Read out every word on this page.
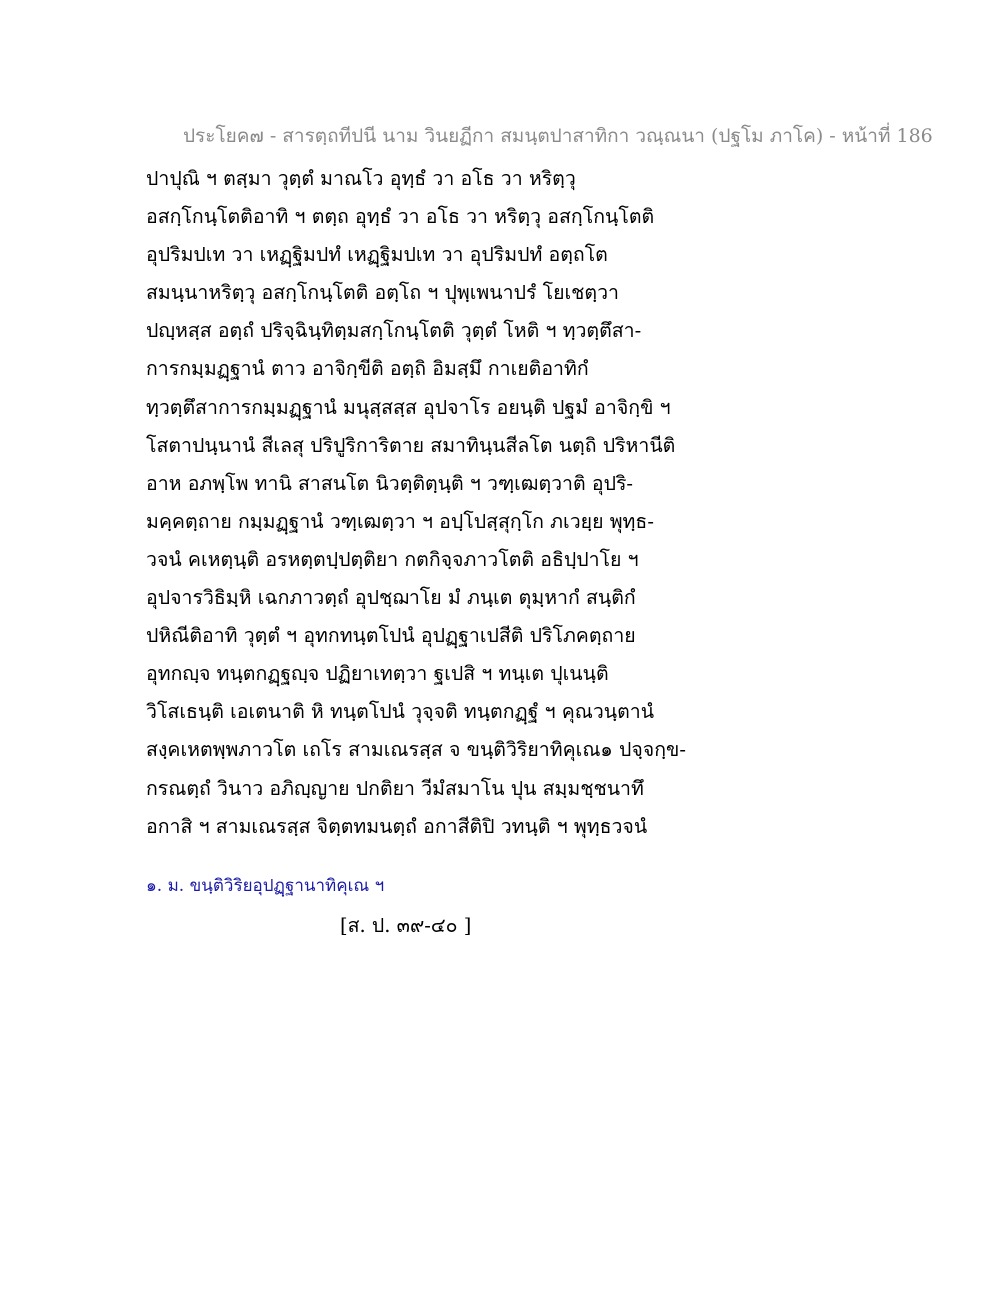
ประโยค๗ - สารตฺถทีปนี นาม วินยฏีกา สมนฺตปาสาทิกา วณฺณนา (ปฐโม ภาโค) - หน้าที่ 186
ปาปุณิ ฯ ตสฺมา วุตฺตํ มาณโว อุทฺธํ วา อโธ วา หริตฺวุ
อสกฺโกนฺโตติอาทิ ฯ ตตฺถ อุทฺธํ วา อโธ วา หริตฺวุ อสกฺโกนฺโตติ
อุปริมปเท วา เหฏฺฐิมปทํ เหฏฺฐิมปเท วา อุปริมปทํ อตฺถโต
สมนฺนาหริตฺวุ อสกฺโกนฺโตติ อตฺโถ ฯ ปุพฺเพนาปรํ โยเชตฺวา
ปญฺหสฺส อตฺถํ ปริจฺฉินฺทิตฺมสกฺโกนฺโตติ วุตฺตํ โหติ ฯ ทฺวตฺตึสา-
การกมฺมฏฺฐานํ ตาว อาจิกฺขีติ อตฺถิ อิมสฺมึ กาเยติอาทิกํ
ทฺวตฺตึสาการกมฺมฏฺฐานํ มนุสฺสสฺส อุปจาโร อยนฺติ ปฐมํ อาจิกฺขิ ฯ
โสตาปนฺนานํ สีเลสุ ปริปูริการิตาย สมาทินฺนสีลโต นตฺถิ ปริหานีติ
อาห อภพฺโพ ทานิ สาสนโต นิวตฺติตฺนฺติ ฯ วฑฺเฒตฺวาติ อุปริ-
มคฺคตฺถาย กมฺมฏฺฐานํ วฑฺเฒตฺวา ฯ อปฺโปสฺสุกฺโก ภเวยฺย พุทฺธ-
วจนํ คเหตฺนฺติ อรหตฺตปฺปตฺติยา กตกิจฺจภาวโตติ อธิปฺปาโย ฯ
อุปจารวิธิมฺหิ เฉกภาวตฺถํ อุปชฺฌาโย มํ ภนฺเต ตุมฺหากํ สนฺติกํ
ปหิณีติอาทิ วุตฺตํ ฯ อุทกทนฺตโปนํ อุปฏฺฐาเปสีติ ปริโภคตฺถาย
อุทกญฺจ ทนฺตกฏฺฐญฺจ ปฏิยาเทตฺวา ฐเปสิ ฯ ทนฺเต ปุเนนฺติ
วิโสเธนฺติ เอเตนาติ หิ ทนฺตโปนํ วุจฺจติ ทนฺตกฏฺฐํ ฯ คุณวนฺตานํ
สงฺคเหตพฺพภาวโต เถโร สามเณรสฺส จ ขนฺติวิริยาทิคุเณ๑ ปจฺจกฺข-
กรณตฺถํ วินาว อภิญฺญาย ปกติยา วีมํสมาโน ปุน สมฺมชฺชนาทึ
อกาสิ ฯ สามเณรสฺส จิตฺตทมนตฺถํ อกาสีติปิ วทนฺติ ฯ พุทฺธวจนํ
๑. ม. ขนฺติวิริยอุปฏฺฐานาทิคุเณ ฯ
[ส. ป. ๓๙-๔๐ ]
